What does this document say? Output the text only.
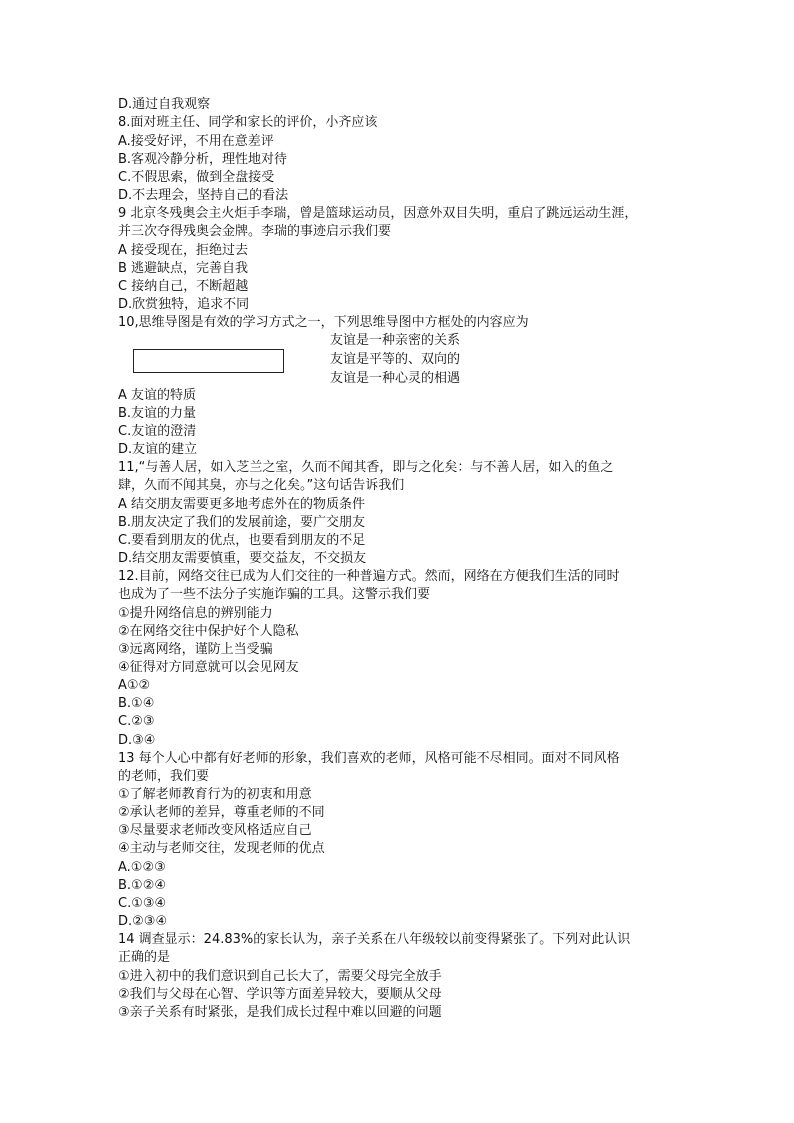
D.通过自我观察
8.面对班主任、同学和家长的评价，小齐应该
A.接受好评，不用在意差评
B.客观冷静分析，理性地对待
C.不假思索，做到全盘接受
D.不去理会，坚持自己的看法
9 北京冬残奥会主火炬手李瑞，曾是篮球运动员，因意外双目失明，重启了跳远运动生涯，
并三次夺得残奥会金牌。李瑞的事迹启示我们要
A 接受现在，拒绝过去
B 逃避缺点，完善自我
C 接纳自己，不断超越
D.欣赏独特，追求不同
10,思维导图是有效的学习方式之一，下列思维导图中方框处的内容应为
友谊是一种亲密的关系
友谊是平等的、双向的
友谊是一种心灵的相遇
A 友谊的特质
B.友谊的力量
C.友谊的澄清
D.友谊的建立
11,“与善人居，如入芝兰之室，久而不闻其香，即与之化矣：与不善人居，如入的鱼之
肆，久而不闻其臭，亦与之化矣。”这句话告诉我们
A 结交朋友需要更多地考虑外在的物质条件
B.朋友决定了我们的发展前途，要广交朋友
C.要看到朋友的优点，也要看到朋友的不足
D.结交朋友需要慎重，要交益友，不交损友
12.目前，网络交往已成为人们交往的一种普遍方式。然而，网络在方便我们生活的同时
也成为了一些不法分子实施诈骗的工具。这警示我们要
①提升网络信息的辨别能力
②在网络交往中保护好个人隐私
③远离网络，谨防上当受骗
④征得对方同意就可以会见网友
A①②
B.①④
C.②③
D.③④
13 每个人心中都有好老师的形象，我们喜欢的老师，风格可能不尽相同。面对不同风格
的老师，我们要
①了解老师教育行为的初衷和用意
②承认老师的差异，尊重老师的不同
③尽量要求老师改变风格适应自己
④主动与老师交往，发现老师的优点
A.①②③
B.①②④
C.①③④
D.②③④
14 调查显示：24.83%的家长认为，亲子关系在八年级较以前变得紧张了。下列对此认识
正确的是
①进入初中的我们意识到自己长大了，需要父母完全放手
②我们与父母在心智、学识等方面差异较大，要顺从父母
③亲子关系有时紧张，是我们成长过程中难以回避的问题
